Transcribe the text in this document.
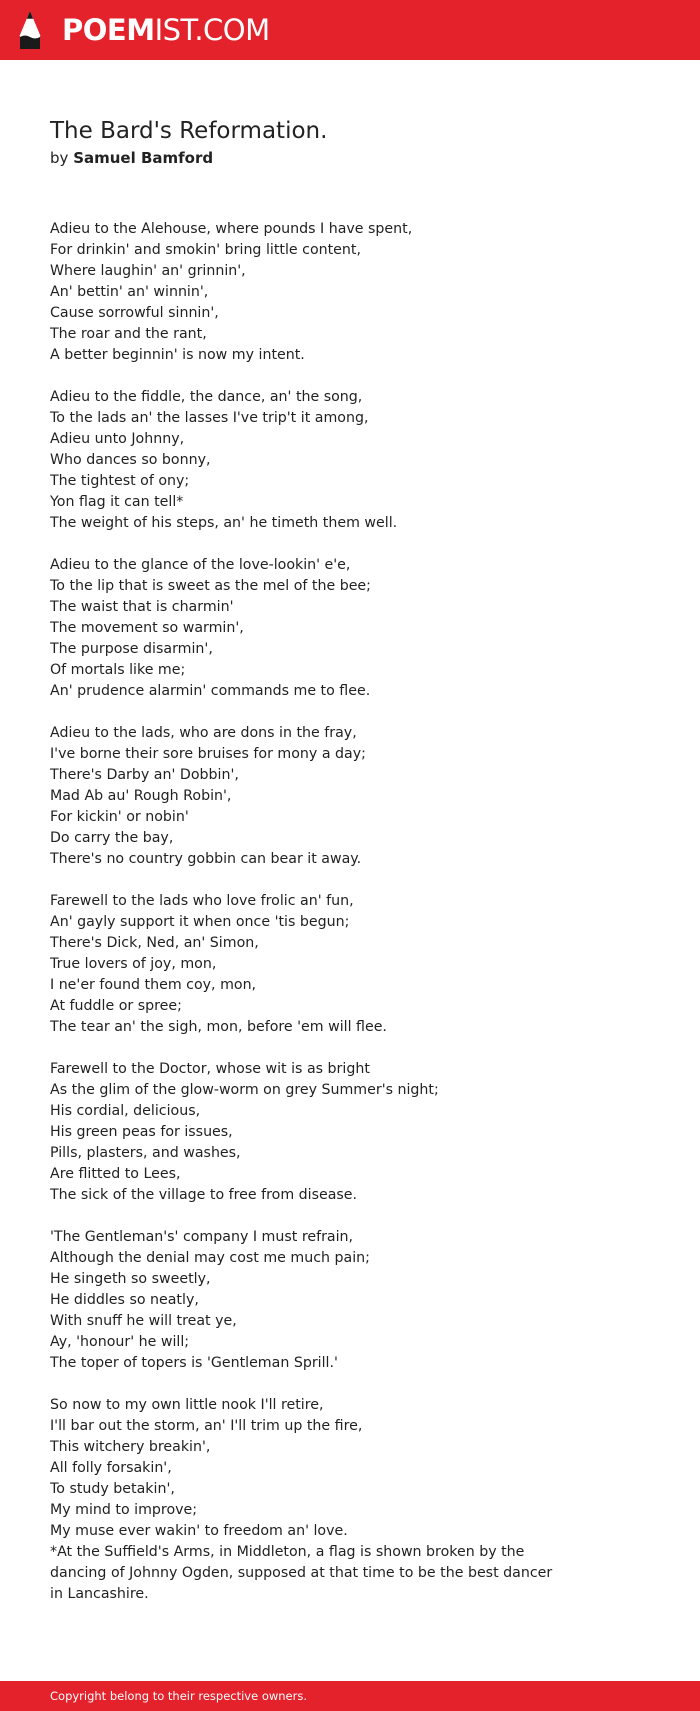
POEMIST.COM
The Bard's Reformation.
by Samuel Bamford
Adieu to the Alehouse, where pounds I have spent,
For drinkin' and smokin' bring little content,
Where laughin' an' grinnin',
An' bettin' an' winnin',
Cause sorrowful sinnin',
The roar and the rant,
A better beginnin' is now my intent.
Adieu to the fiddle, the dance, an' the song,
To the lads an' the lasses I've trip't it among,
Adieu unto Johnny,
Who dances so bonny,
The tightest of ony;
Yon flag it can tell*
The weight of his steps, an' he timeth them well.
Adieu to the glance of the love-lookin' e'e,
To the lip that is sweet as the mel of the bee;
The waist that is charmin'
The movement so warmin',
The purpose disarmin',
Of mortals like me;
An' prudence alarmin' commands me to flee.
Adieu to the lads, who are dons in the fray,
I've borne their sore bruises for mony a day;
There's Darby an' Dobbin',
Mad Ab au' Rough Robin',
For kickin' or nobin'
Do carry the bay,
There's no country gobbin can bear it away.
Farewell to the lads who love frolic an' fun,
An' gayly support it when once 'tis begun;
There's Dick, Ned, an' Simon,
True lovers of joy, mon,
I ne'er found them coy, mon,
At fuddle or spree;
The tear an' the sigh, mon, before 'em will flee.
Farewell to the Doctor, whose wit is as bright
As the glim of the glow-worm on grey Summer's night;
His cordial, delicious,
His green peas for issues,
Pills, plasters, and washes,
Are flitted to Lees,
The sick of the village to free from disease.
'The Gentleman's' company I must refrain,
Although the denial may cost me much pain;
He singeth so sweetly,
He diddles so neatly,
With snuff he will treat ye,
Ay, 'honour' he will;
The toper of topers is 'Gentleman Sprill.'
So now to my own little nook I'll retire,
I'll bar out the storm, an' I'll trim up the fire,
This witchery breakin',
All folly forsakin',
To study betakin',
My mind to improve;
My muse ever wakin' to freedom an' love.
*At the Suffield's Arms, in Middleton, a flag is shown broken by the dancing of Johnny Ogden, supposed at that time to be the best dancer in Lancashire.
Copyright belong to their respective owners.
